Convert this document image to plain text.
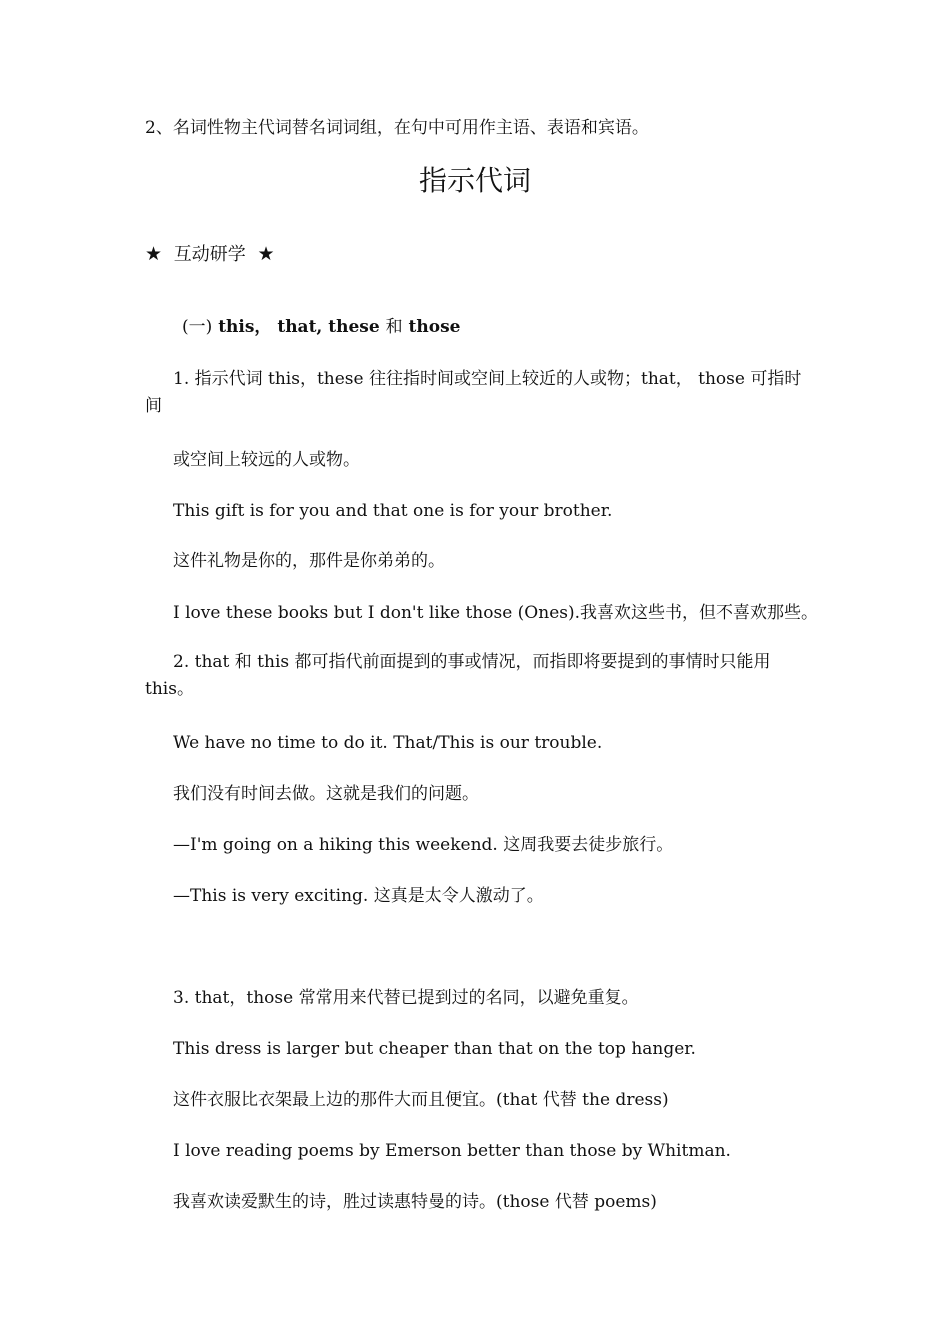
2、名词性物主代词替名词词组，在句中可用作主语、表语和宾语。
指示代词
★ 互动研学 ★
(一) this， that, these 和 those
1. 指示代词 this，these 往往指时间或空间上较近的人或物；that， those 可指时间
或空间上较远的人或物。
This gift is for you and that one is for your brother.
这件礼物是你的，那件是你弟弟的。
I love these books but I don't like those (Ones).我喜欢这些书，但不喜欢那些。
2. that 和 this 都可指代前面提到的事或情况，而指即将要提到的事情时只能用 this。
We have no time to do it. That/This is our trouble.
我们没有时间去做。这就是我们的问题。
—I'm going on a hiking this weekend. 这周我要去徒步旅行。
—This is very exciting. 这真是太令人激动了。
3. that，those 常常用来代替已提到过的名同，以避免重复。
This dress is larger but cheaper than that on the top hanger.
这件衣服比衣架最上边的那件大而且便宜。(that 代替 the dress)
I love reading poems by Emerson better than those by Whitman.
我喜欢读爱默生的诗，胜过读惠特曼的诗。(those 代替 poems)
